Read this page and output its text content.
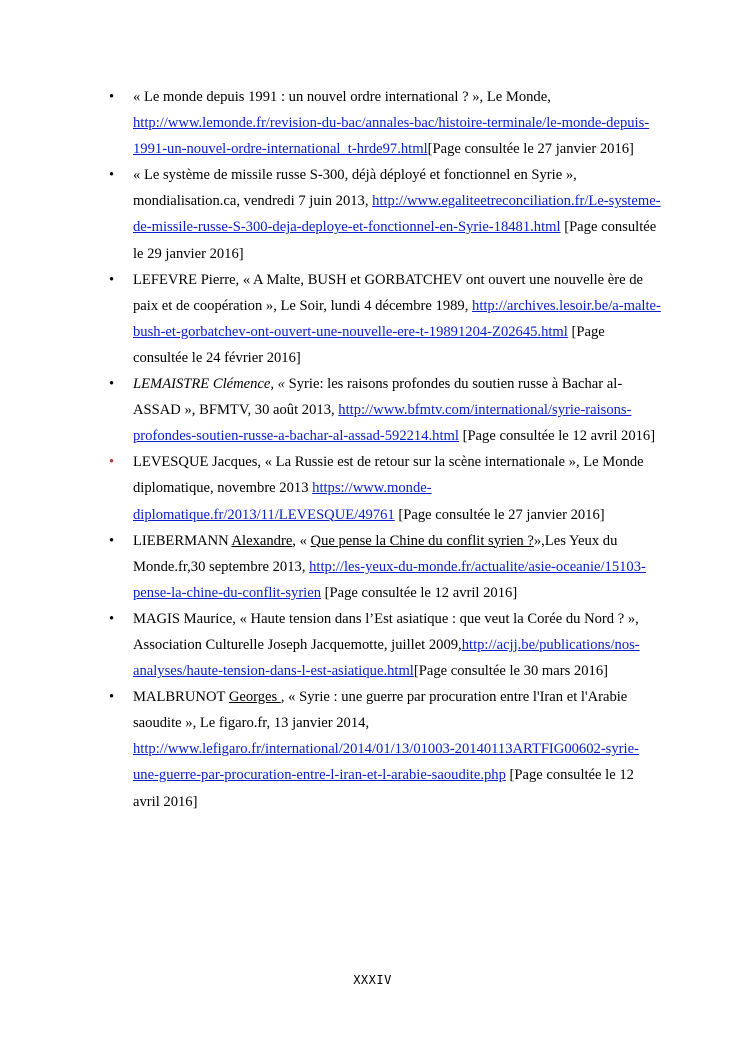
• « Le monde depuis 1991 : un nouvel ordre international ? », Le Monde, http://www.lemonde.fr/revision-du-bac/annales-bac/histoire-terminale/le-monde-depuis-1991-un-nouvel-ordre-international_t-hrde97.html[Page consultée le 27 janvier 2016]
• « Le système de missile russe S-300, déjà déployé et fonctionnel en Syrie », mondialisation.ca, vendredi 7 juin 2013, http://www.egaliteetreconciliation.fr/Le-systeme-de-missile-russe-S-300-deja-deploye-et-fonctionnel-en-Syrie-18481.html [Page consultée le 29 janvier 2016]
• LEFEVRE Pierre, « A Malte, BUSH et GORBATCHEV ont ouvert une nouvelle ère de paix et de coopération », Le Soir, lundi 4 décembre 1989, http://archives.lesoir.be/a-malte-bush-et-gorbatchev-ont-ouvert-une-nouvelle-ere-t-19891204-Z02645.html [Page consultée le 24 février 2016]
• LEMAISTRE Clémence, « Syrie: les raisons profondes du soutien russe à Bachar al-ASSAD », BFMTV, 30 août 2013, http://www.bfmtv.com/international/syrie-raisons-profondes-soutien-russe-a-bachar-al-assad-592214.html [Page consultée le 12 avril 2016]
• LEVESQUE Jacques, « La Russie est de retour sur la scène internationale », Le Monde diplomatique, novembre 2013 https://www.monde-diplomatique.fr/2013/11/LEVESQUE/49761 [Page consultée le 27 janvier 2016]
• LIEBERMANN Alexandre, « Que pense la Chine du conflit syrien ?»,Les Yeux du Monde.fr,30 septembre 2013, http://les-yeux-du-monde.fr/actualite/asie-oceanie/15103-pense-la-chine-du-conflit-syrien [Page consultée le 12 avril 2016]
• MAGIS Maurice, « Haute tension dans l’Est asiatique : que veut la Corée du Nord ? », Association Culturelle Joseph Jacquemotte, juillet 2009,http://acjj.be/publications/nos-analyses/haute-tension-dans-l-est-asiatique.html[Page consultée le 30 mars 2016]
• MALBRUNOT Georges , « Syrie : une guerre par procuration entre l'Iran et l'Arabie saoudite », Le figaro.fr, 13 janvier 2014, http://www.lefigaro.fr/international/2014/01/13/01003-20140113ARTFIG00602-syrie-une-guerre-par-procuration-entre-l-iran-et-l-arabie-saoudite.php [Page consultée le 12 avril 2016]
XXXIV
